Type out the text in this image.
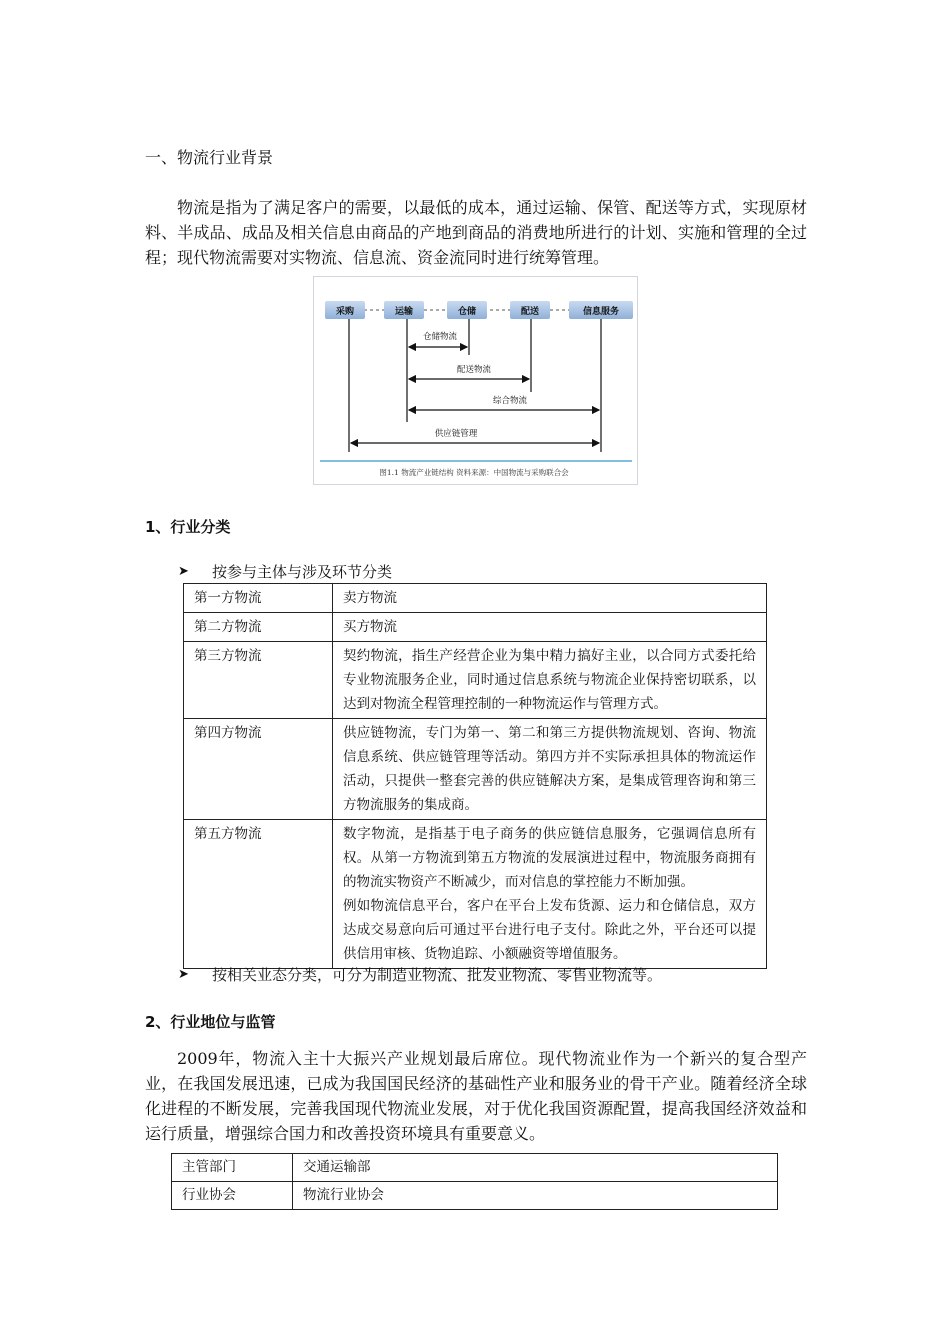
一、物流行业背景
物流是指为了满足客户的需要，以最低的成本，通过运输、保管、配送等方式，实现原材料、半成品、成品及相关信息由商品的产地到商品的消费地所进行的计划、实施和管理的全过程；现代物流需要对实物流、信息流、资金流同时进行统筹管理。
采购	运输	仓储	配送	信息服务
仓储物流
配送物流
综合物流
供应链管理
图1.1 物流产业链结构 资料来源：中国物流与采购联合会
1、行业分类
➤	按参与主体与涉及环节分类
第一方物流	卖方物流

第二方物流	买方物流

第三方物流	契约物流，指生产经营企业为集中精力搞好主业，以合同方式委托给专业物流服务企业，同时通过信息系统与物流企业保持密切联系，以达到对物流全程管理控制的一种物流运作与管理方式。

第四方物流	供应链物流，专门为第一、第二和第三方提供物流规划、咨询、物流信息系统、供应链管理等活动。第四方并不实际承担具体的物流运作活动，只提供一整套完善的供应链解决方案，是集成管理咨询和第三方物流服务的集成商。

第五方物流	数字物流，是指基于电子商务的供应链信息服务，它强调信息所有权。从第一方物流到第五方物流的发展演进过程中，物流服务商拥有的物流实物资产不断减少，而对信息的掌控能力不断加强。

例如物流信息平台，客户在平台上发布货源、运力和仓储信息，双方达成交易意向后可通过平台进行电子支付。除此之外，平台还可以提供信用审核、货物追踪、小额融资等增值服务。

➤	按相关业态分类，可分为制造业物流、批发业物流、零售业物流等。
2、行业地位与监管
2009年，物流入主十大振兴产业规划最后席位。现代物流业作为一个新兴的复合型产业，在我国发展迅速，已成为我国国民经济的基础性产业和服务业的骨干产业。随着经济全球化进程的不断发展，完善我国现代物流业发展，对于优化我国资源配置，提高我国经济效益和运行质量，增强综合国力和改善投资环境具有重要意义。
主管部门	交通运输部
行业协会	物流行业协会
